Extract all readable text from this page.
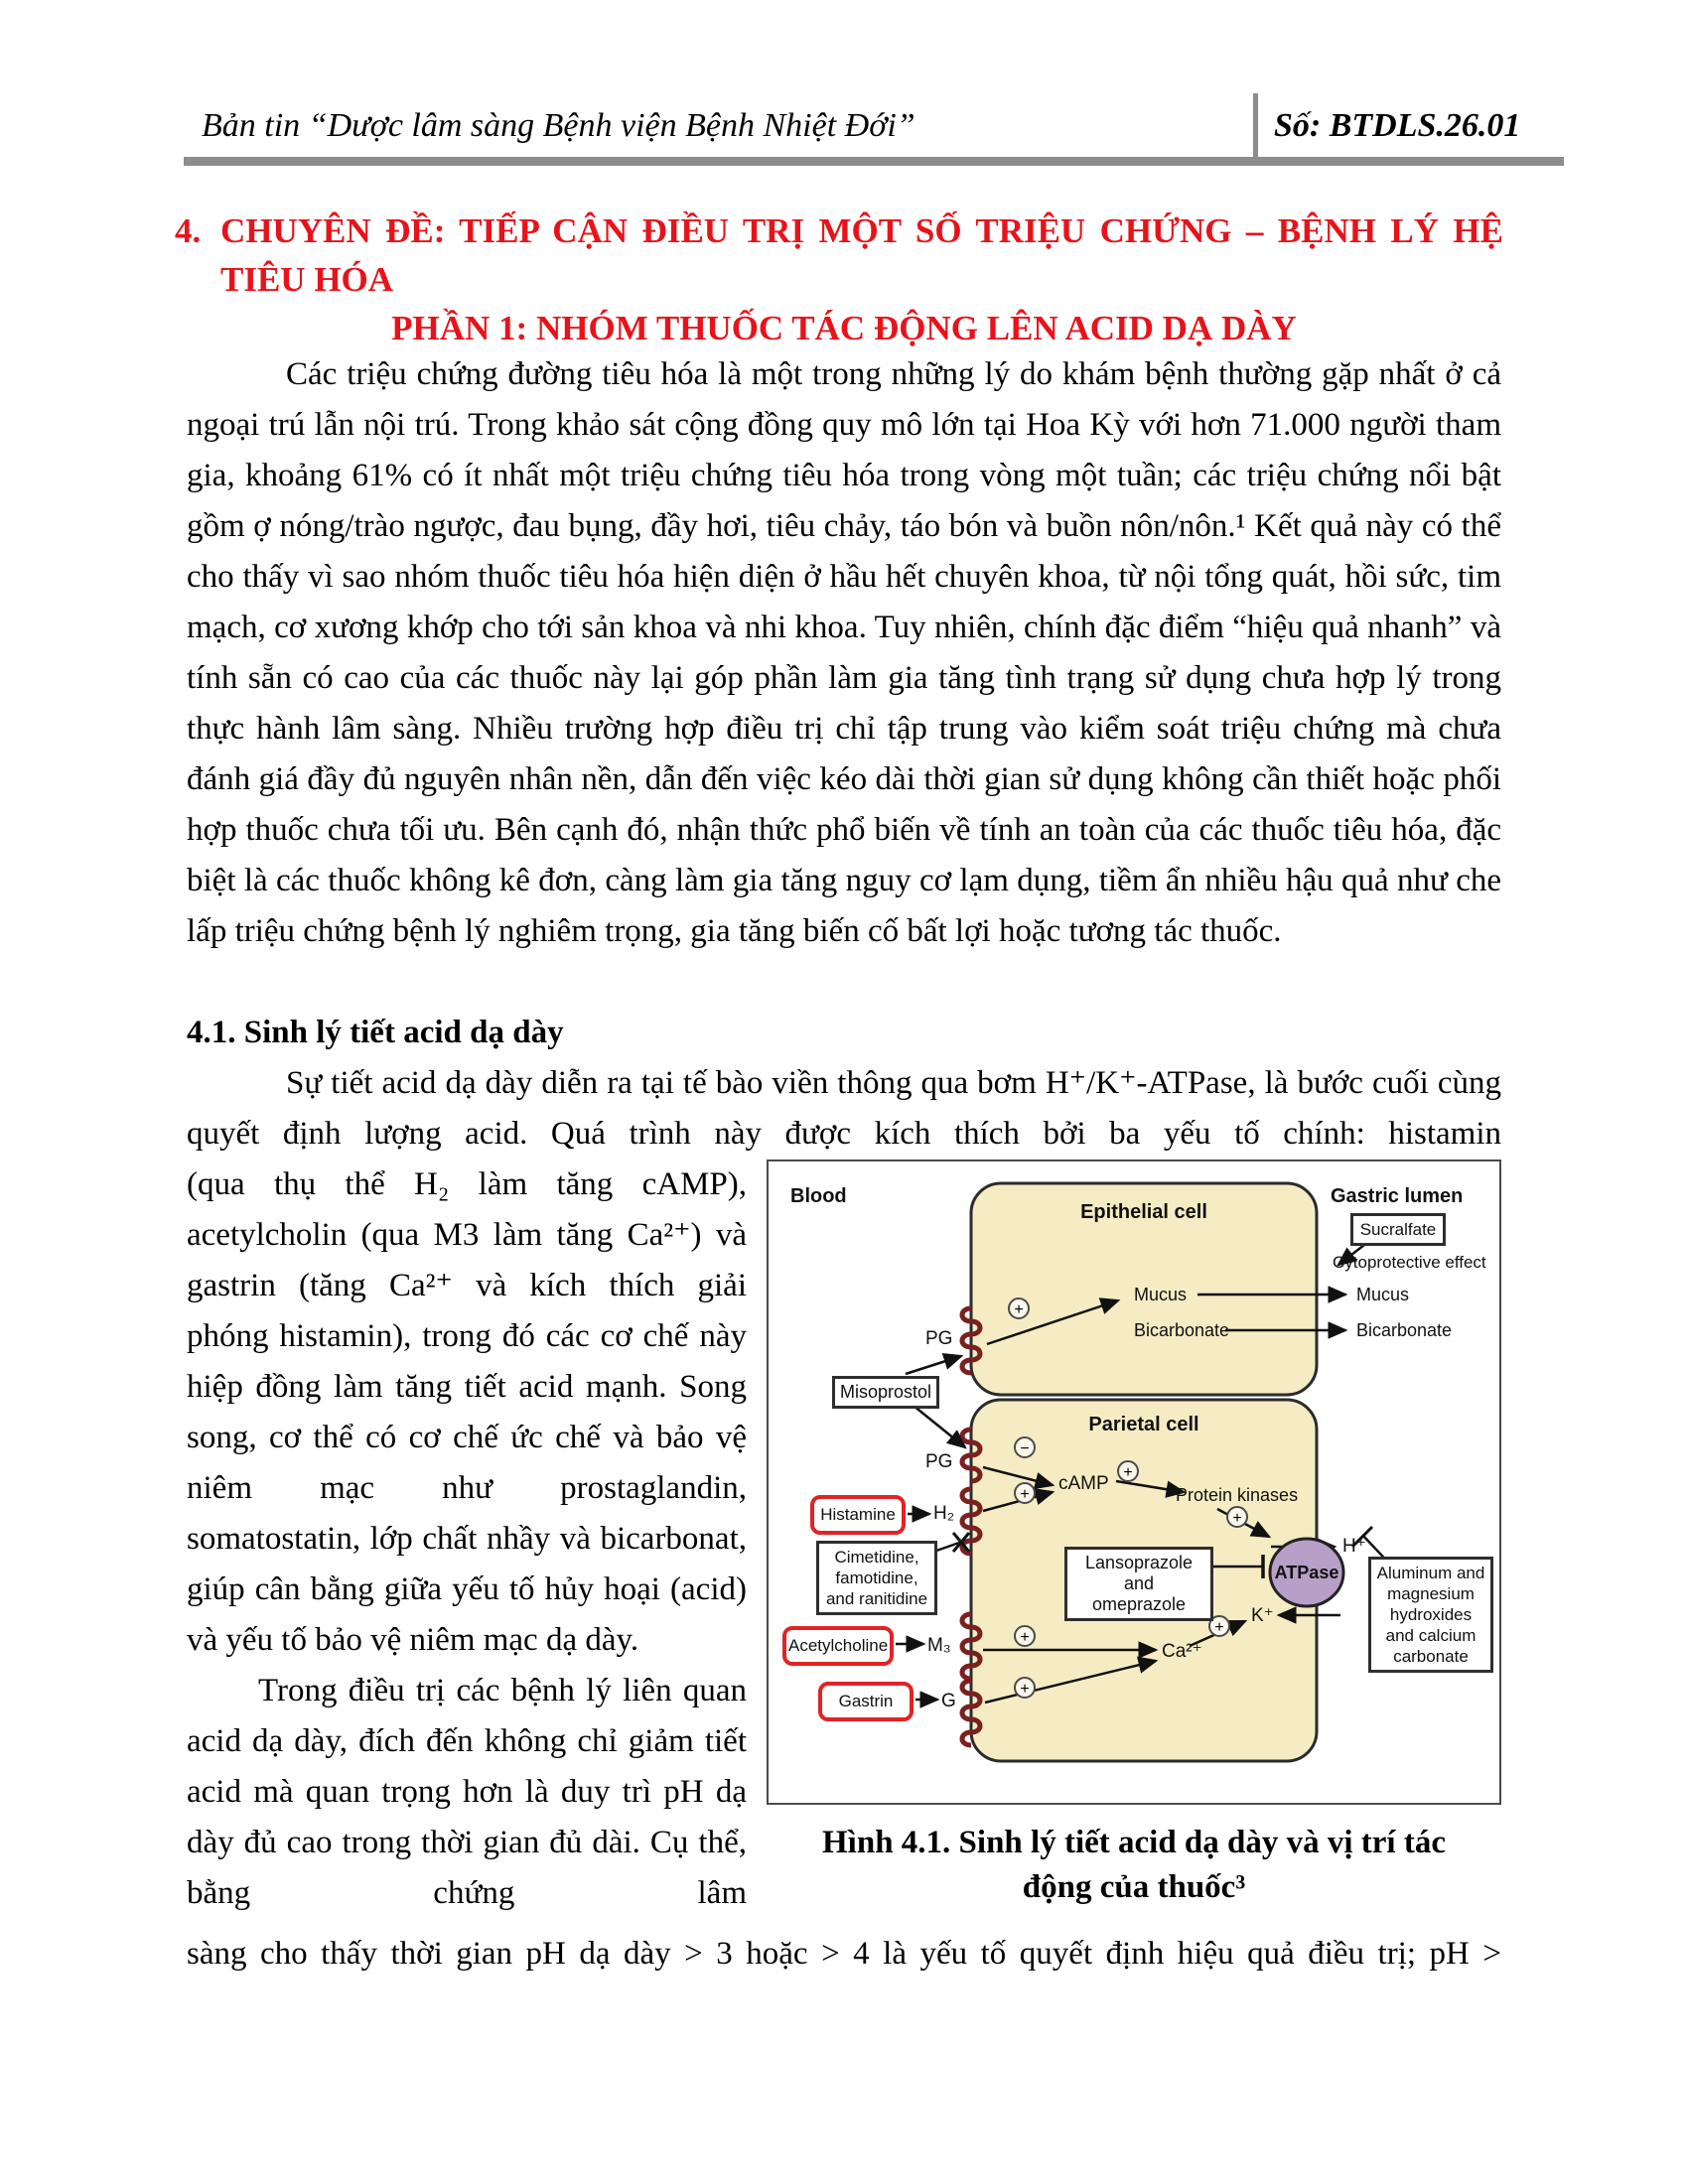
Bản tin “Dược lâm sàng Bệnh viện Bệnh Nhiệt Đới”	Số: BTDLS.26.01
4. CHUYÊN ĐỀ: TIẾP CẬN ĐIỀU TRỊ MỘT SỐ TRIỆU CHỨNG – BỆNH LÝ HỆ TIÊU HÓA
PHẦN 1: NHÓM THUỐC TÁC ĐỘNG LÊN ACID DẠ DÀY
Các triệu chứng đường tiêu hóa là một trong những lý do khám bệnh thường gặp nhất ở cả ngoại trú lẫn nội trú. Trong khảo sát cộng đồng quy mô lớn tại Hoa Kỳ với hơn 71.000 người tham gia, khoảng 61% có ít nhất một triệu chứng tiêu hóa trong vòng một tuần; các triệu chứng nổi bật gồm ợ nóng/trào ngược, đau bụng, đầy hơi, tiêu chảy, táo bón và buồn nôn/nôn.¹ Kết quả này có thể cho thấy vì sao nhóm thuốc tiêu hóa hiện diện ở hầu hết chuyên khoa, từ nội tổng quát, hồi sức, tim mạch, cơ xương khớp cho tới sản khoa và nhi khoa. Tuy nhiên, chính đặc điểm “hiệu quả nhanh” và tính sẵn có cao của các thuốc này lại góp phần làm gia tăng tình trạng sử dụng chưa hợp lý trong thực hành lâm sàng. Nhiều trường hợp điều trị chỉ tập trung vào kiểm soát triệu chứng mà chưa đánh giá đầy đủ nguyên nhân nền, dẫn đến việc kéo dài thời gian sử dụng không cần thiết hoặc phối hợp thuốc chưa tối ưu. Bên cạnh đó, nhận thức phổ biến về tính an toàn của các thuốc tiêu hóa, đặc biệt là các thuốc không kê đơn, càng làm gia tăng nguy cơ lạm dụng, tiềm ẩn nhiều hậu quả như che lấp triệu chứng bệnh lý nghiêm trọng, gia tăng biến cố bất lợi hoặc tương tác thuốc.
4.1. Sinh lý tiết acid dạ dày
Sự tiết acid dạ dày diễn ra tại tế bào viền thông qua bơm H⁺/K⁺-ATPase, là bước cuối cùng quyết định lượng acid. Quá trình này được kích thích bởi ba yếu tố chính: histamin
+
−
+
+
+
+
+
+
Blood
Epithelial cell
Gastric lumen
Sucralfate
Cytoprotective effect
Mucus	Mucus
Bicarbonate	Bicarbonate
PG
Misoprostol
Parietal cell
PG
cAMP
Protein kinases
Histamine	H₂
Cimetidine,
famotidine,
and ranitidine
Lansoprazole and
omeprazole
ATPase
H⁺
Aluminum and
magnesium
hydroxides
and calcium
carbonate
K⁺
Acetylcholine	M₃	Ca²⁺
Gastrin	G
Hình 4.1. Sinh lý tiết acid dạ dày và vị trí tác động của thuốc³

(qua thụ thể H₂ làm tăng cAMP), acetylcholin (qua M3 làm tăng Ca²⁺) và gastrin (tăng Ca²⁺ và kích thích giải phóng histamin), trong đó các cơ chế này hiệp đồng làm tăng tiết acid mạnh. Song song, cơ thể có cơ chế ức chế và bảo vệ niêm mạc như prostaglandin, somatostatin, lớp chất nhầy và bicarbonat, giúp cân bằng giữa yếu tố hủy hoại (acid) và yếu tố bảo vệ niêm mạc dạ dày.

Trong điều trị các bệnh lý liên quan acid dạ dày, đích đến không chỉ giảm tiết acid mà quan trọng hơn là duy trì pH dạ dày đủ cao trong thời gian đủ dài. Cụ thể, bằng chứng lâm

sàng cho thấy thời gian pH dạ dày > 3 hoặc > 4 là yếu tố quyết định hiệu quả điều trị; pH >
